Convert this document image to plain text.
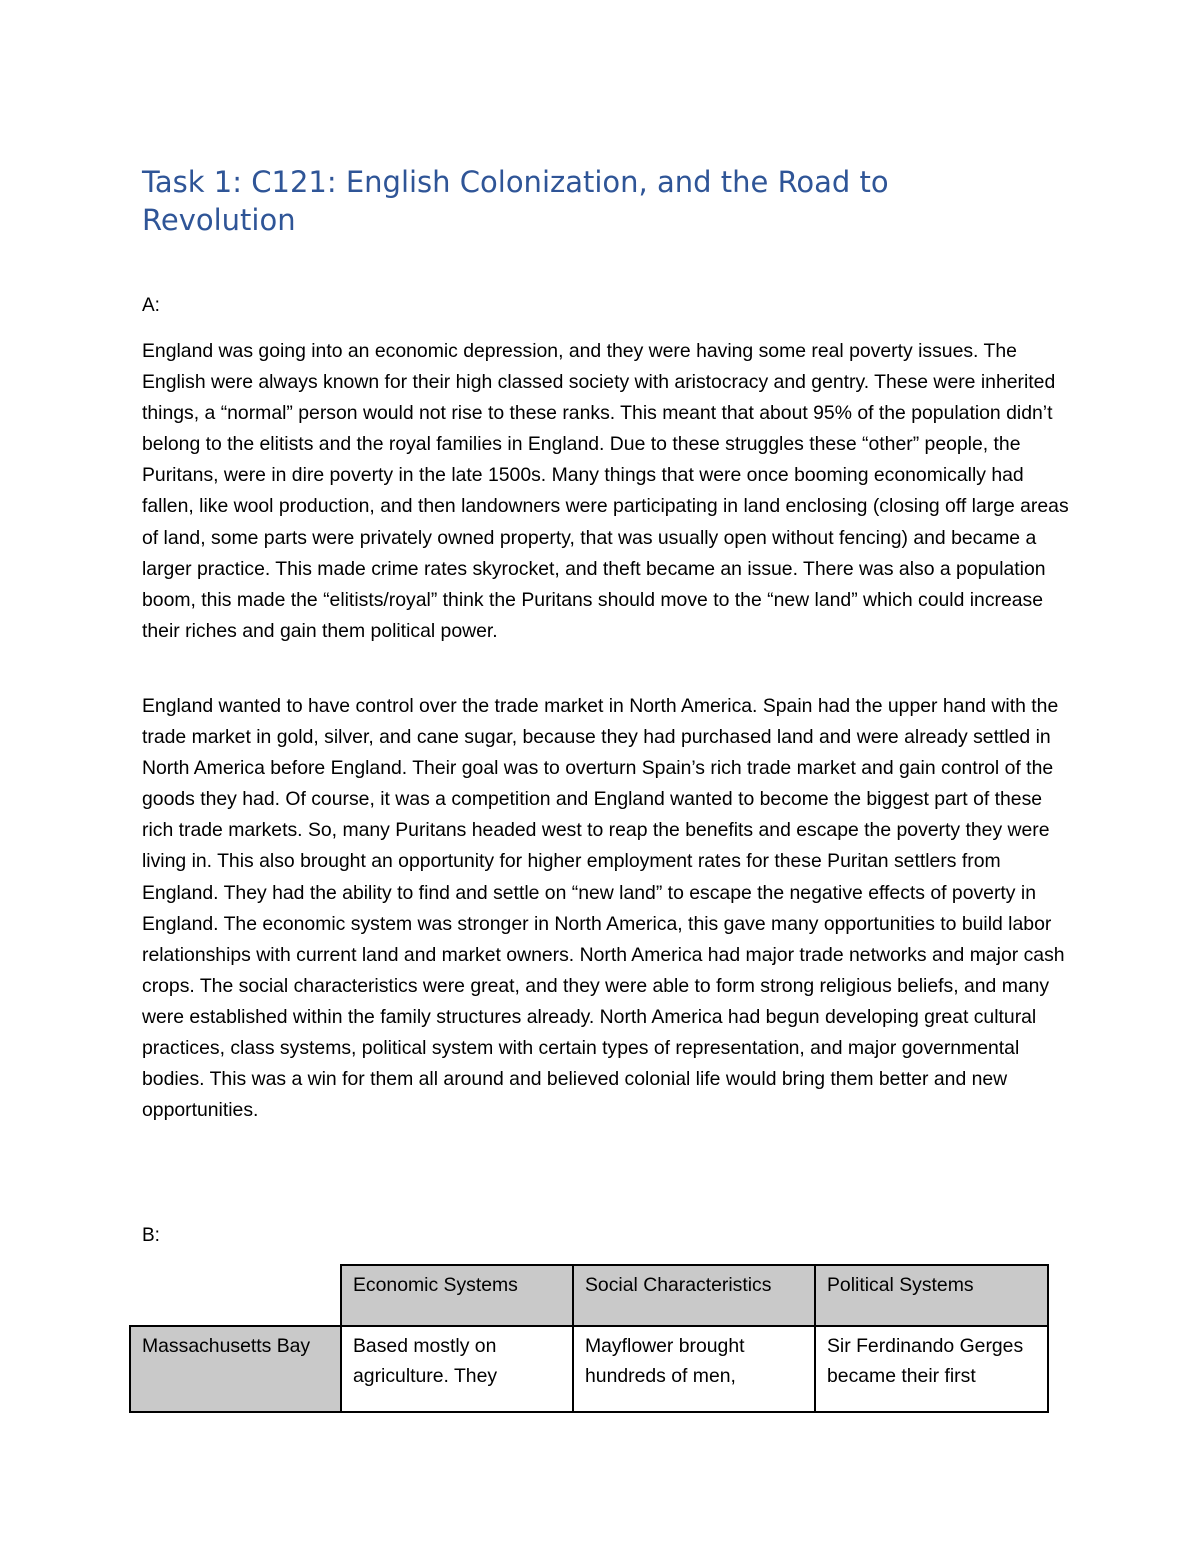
Task 1: C121: English Colonization, and the Road to Revolution

A:

England was going into an economic depression, and they were having some real poverty issues. The English were always known for their high classed society with aristocracy and gentry. These were inherited things, a “normal” person would not rise to these ranks. This meant that about 95% of the population didn’t belong to the elitists and the royal families in England. Due to these struggles these “other” people, the Puritans, were in dire poverty in the late 1500s. Many things that were once booming economically had fallen, like wool production, and then landowners were participating in land enclosing (closing off large areas of land, some parts were privately owned property, that was usually open without fencing) and became a larger practice. This made crime rates skyrocket, and theft became an issue. There was also a population boom, this made the “elitists/royal” think the Puritans should move to the “new land” which could increase their riches and gain them political power.

England wanted to have control over the trade market in North America. Spain had the upper hand with the trade market in gold, silver, and cane sugar, because they had purchased land and were already settled in North America before England. Their goal was to overturn Spain’s rich trade market and gain control of the goods they had. Of course, it was a competition and England wanted to become the biggest part of these rich trade markets. So, many Puritans headed west to reap the benefits and escape the poverty they were living in. This also brought an opportunity for higher employment rates for these Puritan settlers from England. They had the ability to find and settle on “new land” to escape the negative effects of poverty in England. The economic system was stronger in North America, this gave many opportunities to build labor relationships with current land and market owners. North America had major trade networks and major cash crops. The social characteristics were great, and they were able to form strong religious beliefs, and many were established within the family structures already. North America had begun developing great cultural practices, class systems, political system with certain types of representation, and major governmental bodies. This was a win for them all around and believed colonial life would bring them better and new opportunities.

B:

	Economic Systems	Social Characteristics	Political Systems
Massachusetts Bay	Based mostly on agriculture. They	Mayflower brought hundreds of men,	Sir Ferdinando Gerges became their first
